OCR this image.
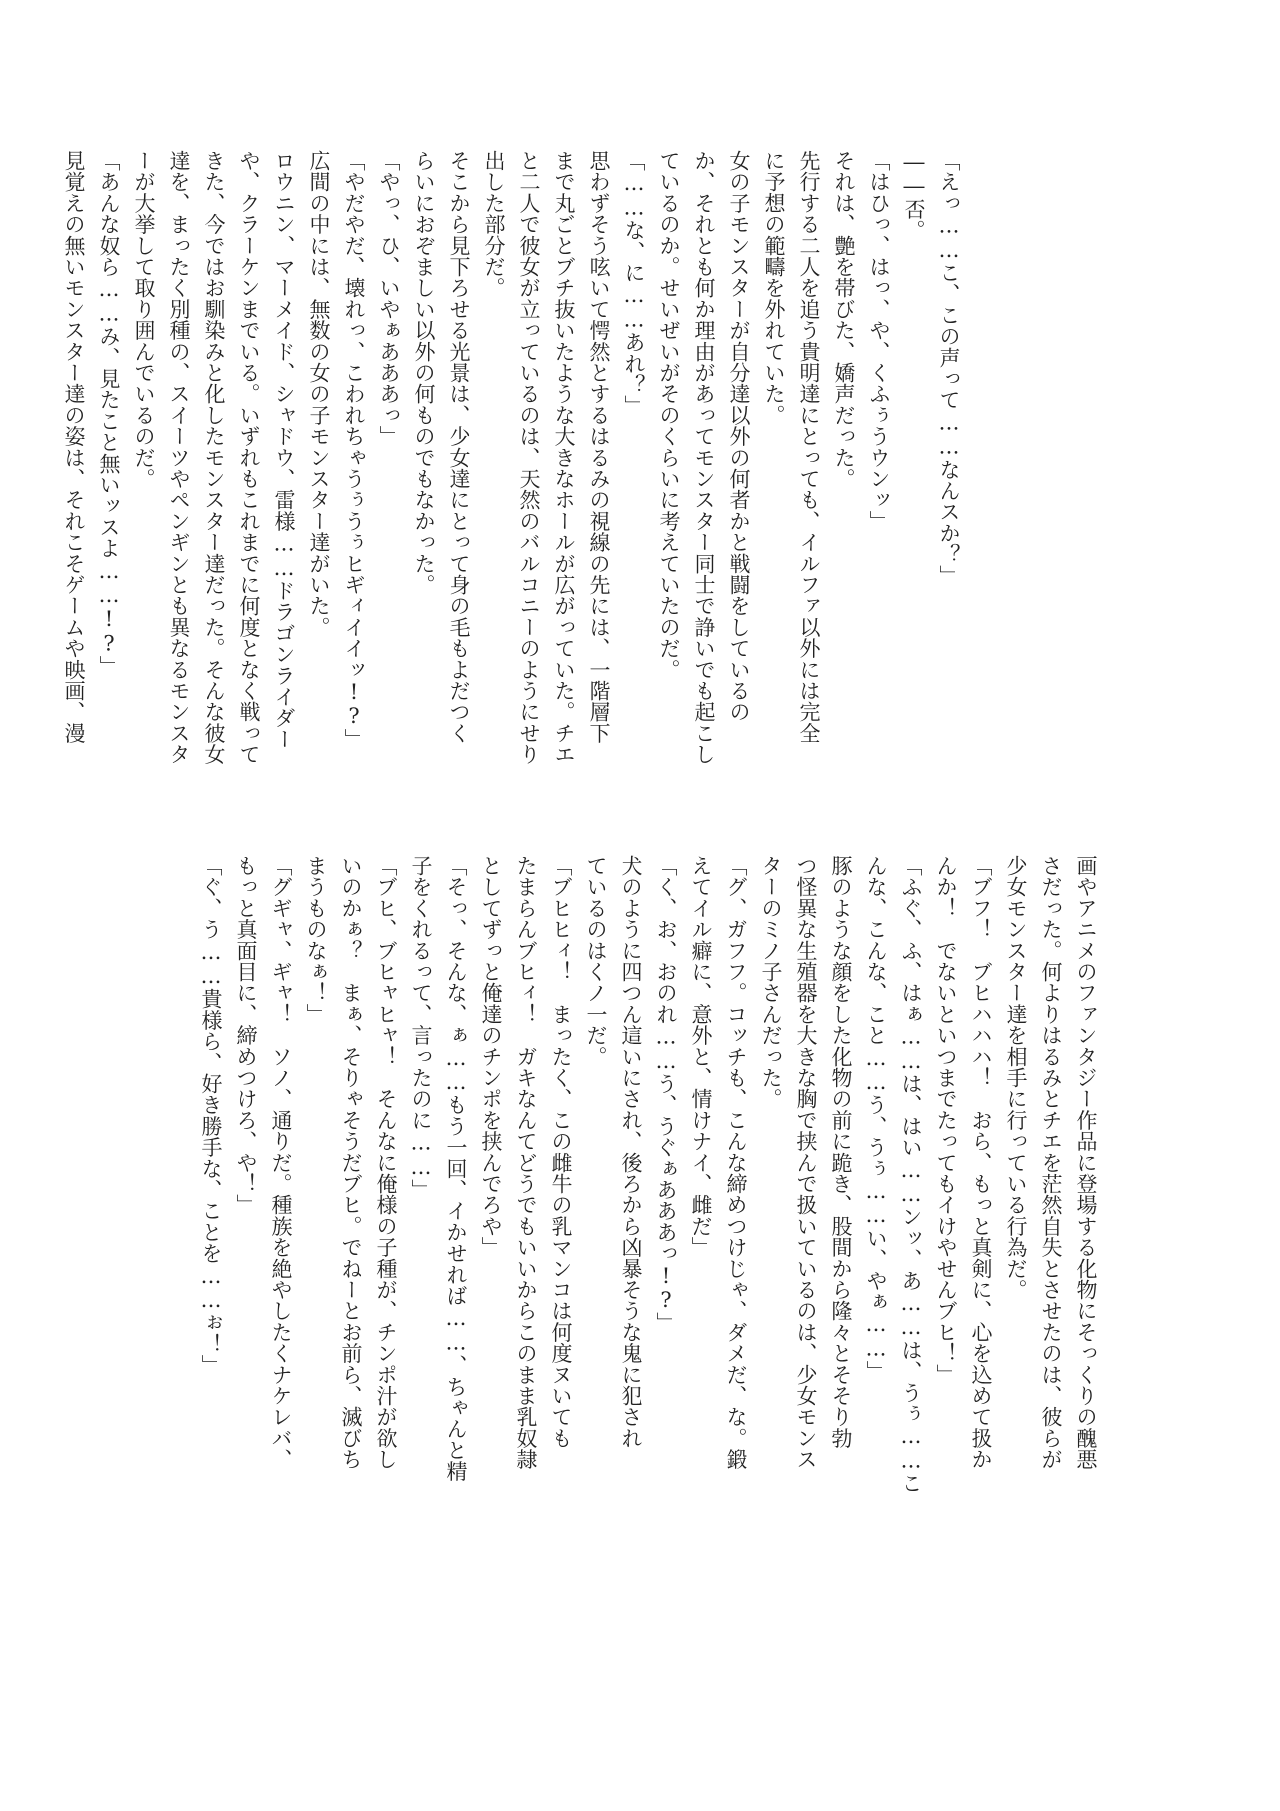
「えっ……こ、この声って……なんスか？」
――否。
「はひっ、はっ、や、くふぅうウンッ」
それは、艶を帯びた、嬌声だった。
先行する二人を追う貴明達にとっても、イルファ以外には完全
に予想の範疇を外れていた。
女の子モンスターが自分達以外の何者かと戦闘をしているの
か、それとも何か理由があってモンスター同士で諍いでも起こし
ているのか。せいぜいがそのくらいに考えていたのだ。
「……な、に……あれ？」
思わずそう呟いて愕然とするはるみの視線の先には、一階層下
まで丸ごとブチ抜いたような大きなホールが広がっていた。チエ
と二人で彼女が立っているのは、天然のバルコニーのようにせり
出した部分だ。
そこから見下ろせる光景は、少女達にとって身の毛もよだつく
らいにおぞましい以外の何ものでもなかった。
「やっ、ひ、いやぁあああっ」
「やだやだ、壊れっ、こわれちゃうぅうぅヒギィイイッ!?」
広間の中には、無数の女の子モンスター達がいた。
ロウニン、マーメイド、シャドウ、雷様……ドラゴンライダー
や、クラーケンまでいる。いずれもこれまでに何度となく戦って
きた、今ではお馴染みと化したモンスター達だった。そんな彼女
達を、まったく別種の、スイーツやペンギンとも異なるモンスタ
ーが大挙して取り囲んでいるのだ。
「あんな奴ら……み、見たこと無いッスよ……!?」
見覚えの無いモンスター達の姿は、それこそゲームや映画、漫
画やアニメのファンタジー作品に登場する化物にそっくりの醜悪
さだった。何よりはるみとチエを茫然自失とさせたのは、彼らが
少女モンスター達を相手に行っている行為だ。
「ブフ！　ブヒハハハ！　おら、もっと真剣に、心を込めて扱か
んか！　でないといつまでたってもイけやせんブヒ！」
「ふぐ、ふ、はぁ……は、はい……ンッ、あ……は、うぅ……こ
んな、こんな、こと……う、うぅ……い、やぁ……」
豚のような顔をした化物の前に跪き、股間から隆々とそそり勃
つ怪異な生殖器を大きな胸で挟んで扱いているのは、少女モンス
ターのミノ子さんだった。
「グ、ガフフ。コッチも、こんな締めつけじゃ、ダメだ、な。鍛
えてイル癖に、意外と、情けナイ、雌だ」
「く、お、おのれ……う、うぐぁあああっ!?」
犬のように四つん這いにされ、後ろから凶暴そうな鬼に犯され
ているのはくノ一だ。
「ブヒヒィ！　まったく、この雌牛の乳マンコは何度ヌいても
たまらんブヒィ！　ガキなんてどうでもいいからこのまま乳奴隷
としてずっと俺達のチンポを挟んでろや」
「そっ、そんな、ぁ……もう一回、イかせれば……、ちゃんと精
子をくれるって、言ったのに……」
「ブヒ、ブヒャヒャ！　そんなに俺様の子種が、チンポ汁が欲し
いのかぁ？　まぁ、そりゃそうだブヒ。でねーとお前ら、滅びち
まうものなぁ！」
「グギャ、ギャ！　ソノ、通りだ。種族を絶やしたくナケレバ、
もっと真面目に、締めつけろ、や！」
「ぐ、う……貴様ら、好き勝手な、ことを……ぉ！」
